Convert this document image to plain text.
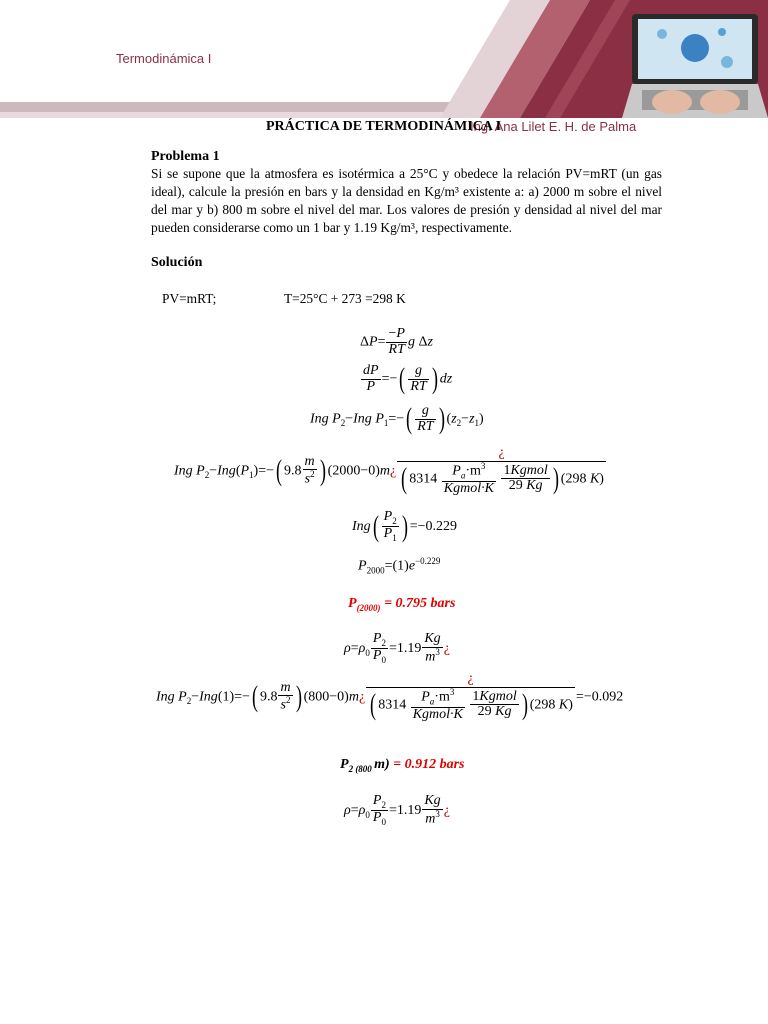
Termodinámica I
Ing. Ana Lilet E. H. de Palma
PRÁCTICA DE TERMODINÁMICA I
Problema 1
Si se supone que la atmosfera es isotérmica a 25°C y obedece la relación PV=mRT (un gas ideal), calcule la presión en bars y la densidad en Kg/m³ existente a: a) 2000 m sobre el nivel del mar y b) 800 m sobre el nivel del mar. Los valores de presión y densidad al nivel del mar pueden considerarse como un 1 bar y 1.19 Kg/m³, respectivamente.
Solución
PV=mRT;	T=25°C + 273 =298 K
$\Delta P= \frac{-P}{RT}$ g Δz
$\frac{dP}{P}$ =−( $\frac{g}{RT}$ ) dz
Ing $P_2-Ing$ $P_1=-( \frac{g}{RT}$ ) $(z_2-z_1)$
Ing $P_2-Ing(P_1)=-$( $9.8 \frac{m}{s^2}$ ) (2000−0)m¿ ¿
( $8314 \frac{P_a\cdot m^3}{\text{Kgmol·K}}$
$\frac{\text{1Kgmol}}{29 Kg}$ ) (298 K)
$Ing( \frac{P_2}{P_1}$ ) =−0.229
$P_{2000}=(1)e^{-0.229}$
$P_{(2000)} = 0.795$ bars
$\rho=\rho_0 \frac{P_2}{P_0} =1.19 \frac{Kg}{m^3}$ ¿
Ing $P_2-Ing(1)=-$( $9.8 \frac{m}{s^2}$ ) (800−0)m¿ ¿
( $8314 \frac{P_a\cdot m^3}{\text{Kgmol·K}}$
$\frac{\text{1Kgmol}}{29 Kg}$ ) (298 K) =−0.092
$P_{2 (800}$ m) = 0.912 bars
$\rho=\rho_0 \frac{P_2}{P_0} =1.19 \frac{Kg}{m^3}$ ¿
